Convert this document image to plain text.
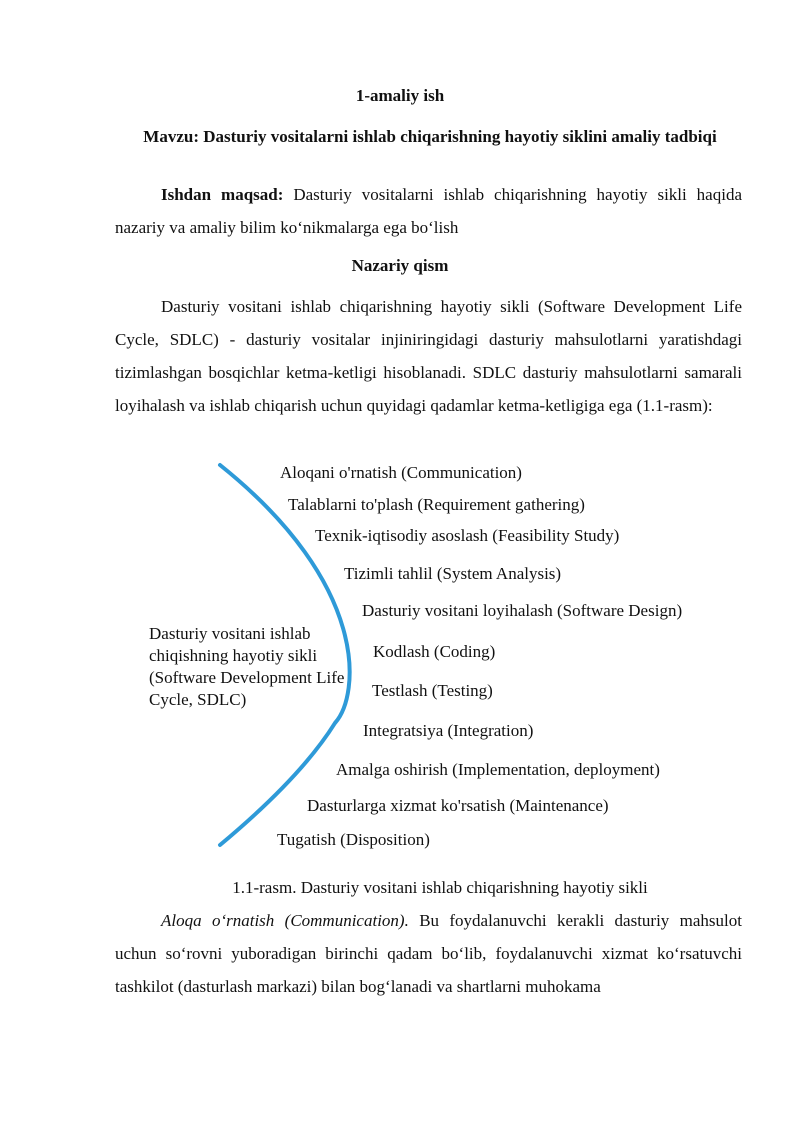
1-amaliy ish

Mavzu: Dasturiy vositalarni ishlab chiqarishning hayotiy siklini amaliy tadbiqi

Ishdan maqsad: Dasturiy vositalarni ishlab chiqarishning hayotiy sikli haqida nazariy va amaliy bilim ko‘nikmalarga ega bo‘lish

Nazariy qism

Dasturiy vositani ishlab chiqarishning hayotiy sikli (Software Development Life Cycle, SDLC) - dasturiy vositalar injiniringidagi dasturiy mahsulotlarni yaratishdagi tizimlashgan bosqichlar ketma-ketligi hisoblanadi. SDLC dasturiy mahsulotlarni samarali loyihalash va ishlab chiqarish uchun quyidagi qadamlar ketma-ketligiga ega (1.1-rasm):

Dasturiy vositani ishlab chiqishning hayotiy sikli (Software Development Life Cycle, SDLC)
Aloqani o'rnatish (Communication)
Talablarni to'plash (Requirement gathering)
Texnik-iqtisodiy asoslash (Feasibility Study)
Tizimli tahlil (System Analysis)
Dasturiy vositani loyihalash (Software Design)
Kodlash (Coding)
Testlash (Testing)
Integratsiya (Integration)
Amalga oshirish (Implementation, deployment)
Dasturlarga xizmat ko'rsatish (Maintenance)
Tugatish (Disposition)

1.1-rasm. Dasturiy vositani ishlab chiqarishning hayotiy sikli

Aloqa o‘rnatish (Communication). Bu foydalanuvchi kerakli dasturiy mahsulot uchun so‘rovni yuboradigan birinchi qadam bo‘lib, foydalanuvchi xizmat ko‘rsatuvchi tashkilot (dasturlash markazi) bilan bog‘lanadi va shartlarni muhokama
